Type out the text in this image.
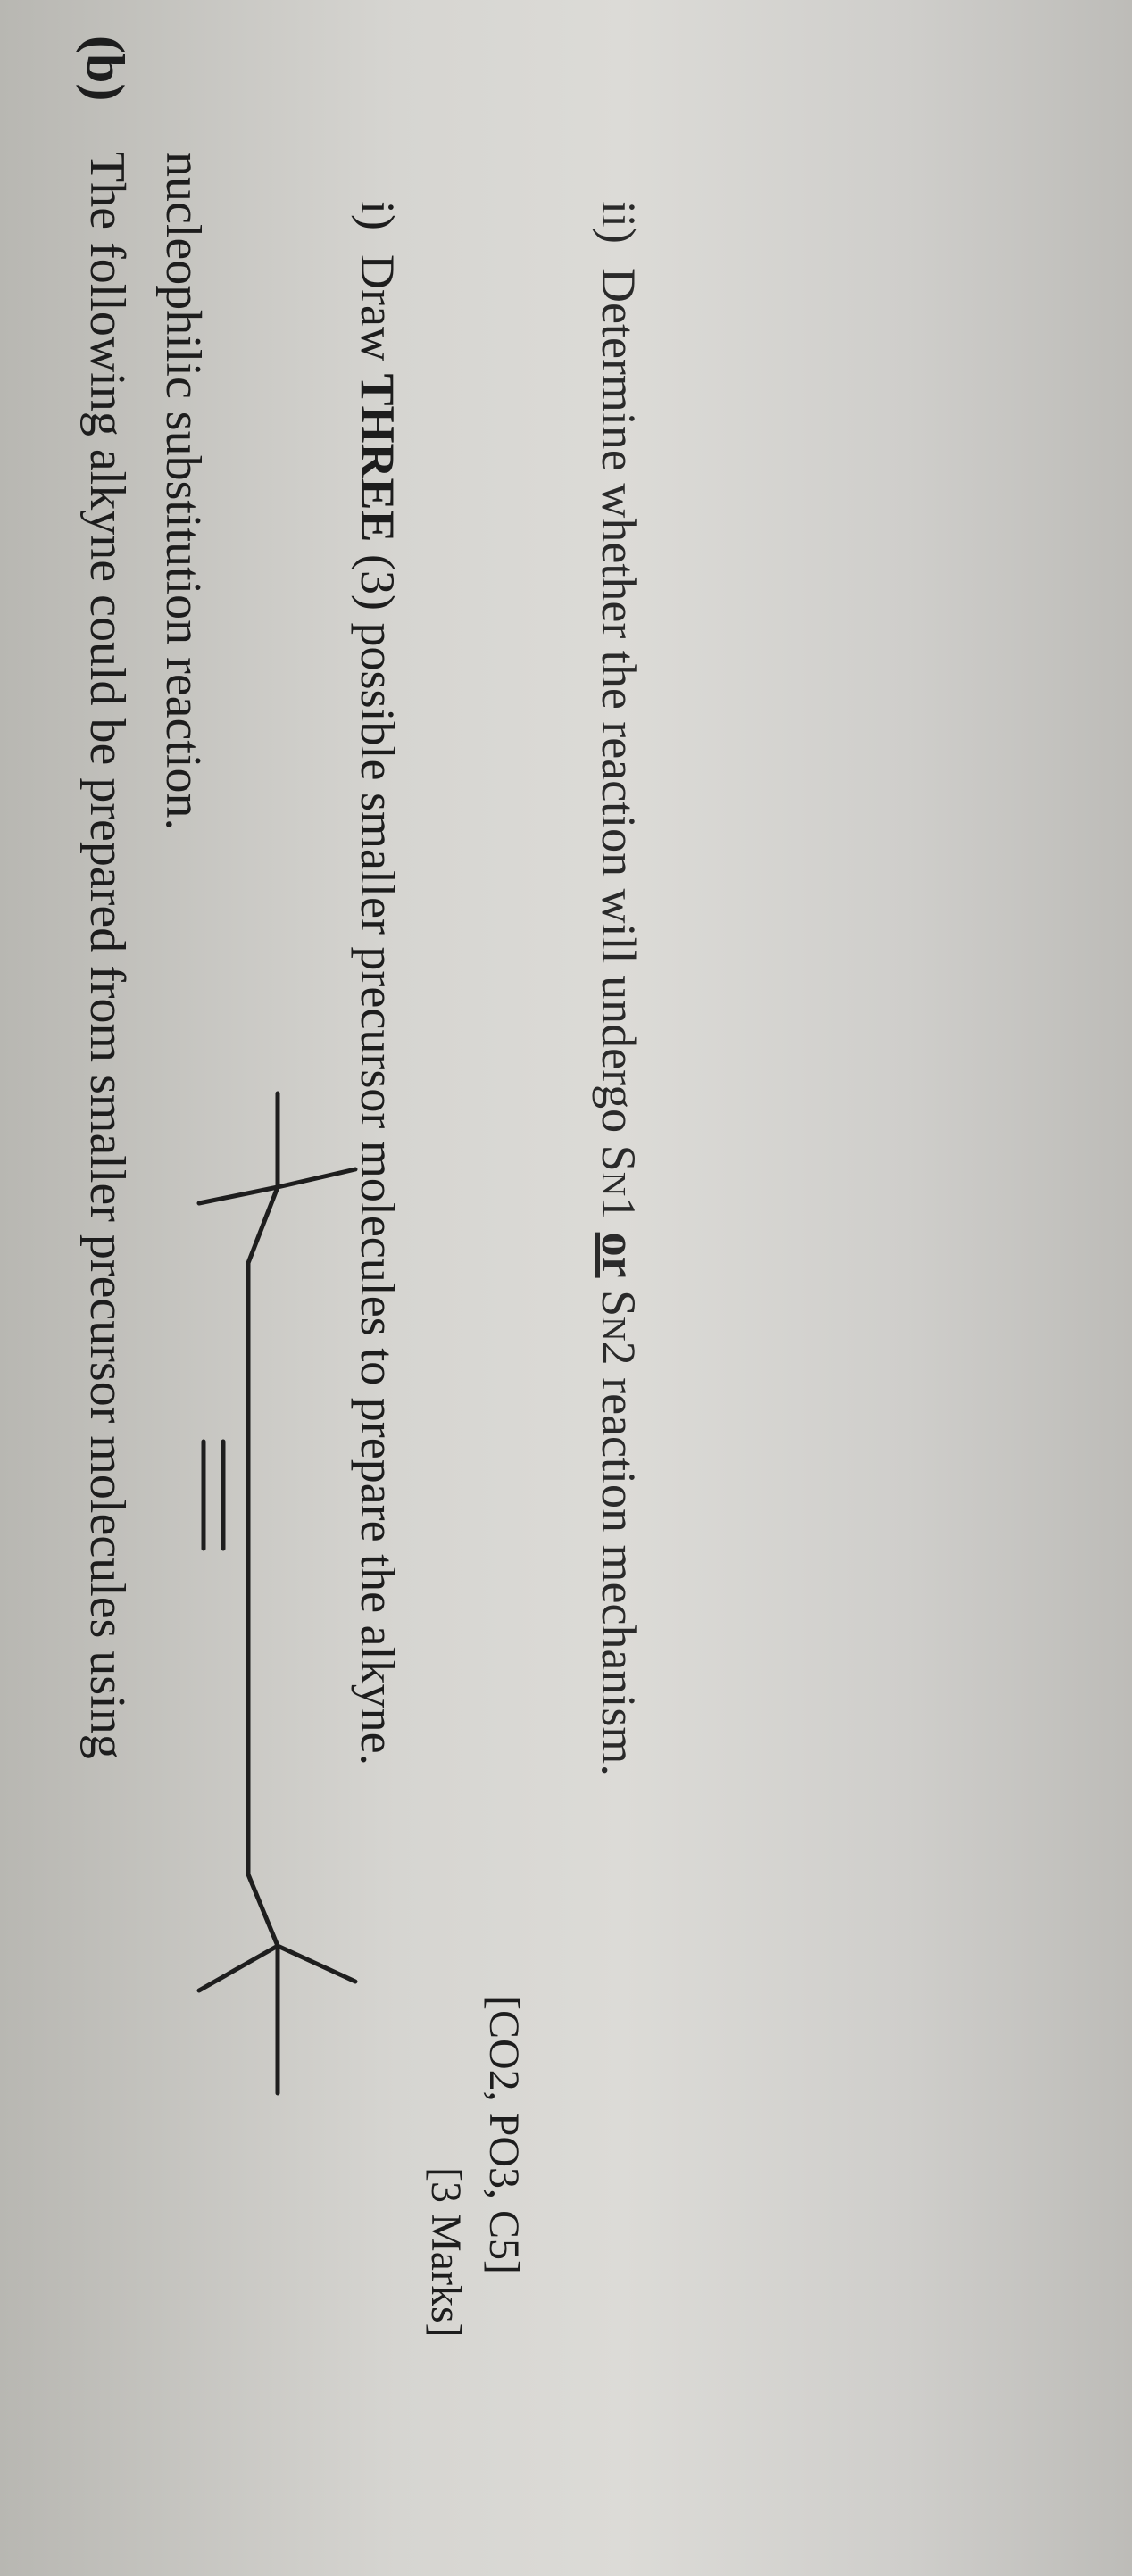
(b)
The following alkyne could be prepared from smaller precursor molecules using nucleophilic substitution reaction.	i)  Draw THREE (3) possible smaller precursor molecules to prepare the alkyne.
[3 Marks] [CO2, PO3, C5]
ii)  Determine whether the reaction will undergo SN1 or SN2 reaction mechanism.
